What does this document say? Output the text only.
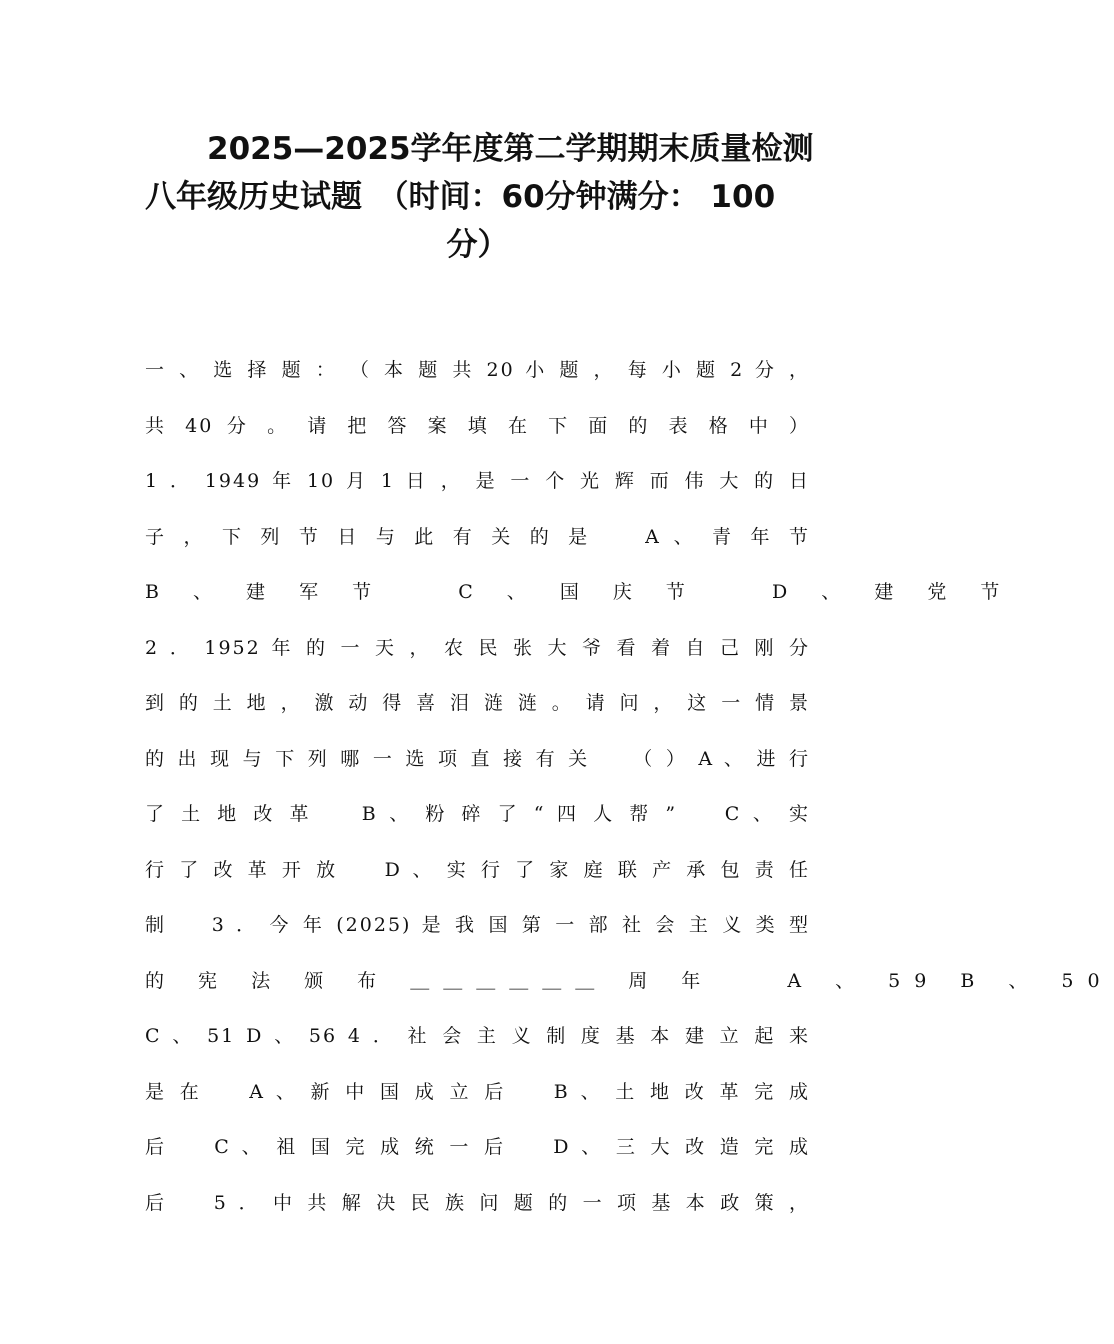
2025—2025学年度第二学期期末质量检测
八年级历史试题　（时间：60分钟满分： 100
分）
一 、 选 择 题 ： （ 本 题 共 20 小 题 ， 每 小 题 2 分 ，
共 40 分 。 请 把 答 案 填 在 下 面 的 表 格 中 ）
1 ． 1949 年 10 月 1 日 ， 是 一 个 光 辉 而 伟 大 的 日
子 ， 下 列 节 日 与 此 有 关 的 是 　 A 、 青 年 节
B 、 建 军 节 　 C 、 国 庆 节 　 D 、 建 党 节
2 ． 1952 年 的 一 天 ， 农 民 张 大 爷 看 着 自 己 刚 分
到 的 土 地 ， 激 动 得 喜 泪 涟 涟 。 请 问 ， 这 一 情 景
的 出 现 与 下 列 哪 一 选 项 直 接 有 关 　 （ ） A 、 进 行
了 土 地 改 革 　 B 、 粉 碎 了 “ 四 人 帮 ” 　 C 、 实
行 了 改 革 开 放 　 D 、 实 行 了 家 庭 联 产 承 包 责 任
制 　 3 ． 今 年 (2025) 是 我 国 第 一 部 社 会 主 义 类 型
的 宪 法 颁 布 ＿＿＿＿＿＿ 周 年 　 A 、 59 B 、 50
C 、 51 D 、 56 4 ． 社 会 主 义 制 度 基 本 建 立 起 来
是 在 　 A 、 新 中 国 成 立 后 　 B 、 土 地 改 革 完 成
后 　 C 、 祖 国 完 成 统 一 后 　 D 、 三 大 改 造 完 成
后 　 5 ． 中 共 解 决 民 族 问 题 的 一 项 基 本 政 策 ，
